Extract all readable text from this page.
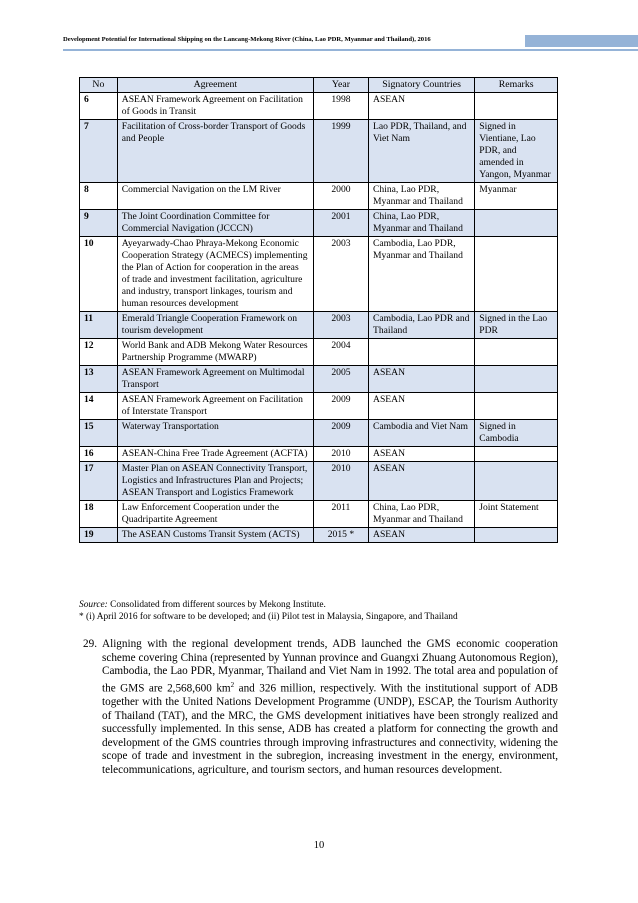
Development Potential for International Shipping on the Lancang-Mekong River (China, Lao PDR, Myanmar and Thailand), 2016
No	Agreement	Year	Signatory Countries	Remarks
6	ASEAN Framework Agreement on Facilitation of Goods in Transit	1998	ASEAN	
7	Facilitation of Cross-border Transport of Goods and People	1999	Lao PDR, Thailand, and Viet Nam	Signed in Vientiane, Lao PDR, and amended in Yangon, Myanmar
8	Commercial Navigation on the LM River	2000	China, Lao PDR, Myanmar and Thailand	Myanmar
9	The Joint Coordination Committee for Commercial Navigation (JCCCN)	2001	China, Lao PDR, Myanmar and Thailand	
10	Ayeyarwady-Chao Phraya-Mekong Economic Cooperation Strategy (ACMECS) implementing the Plan of Action for cooperation in the areas of trade and investment facilitation, agriculture and industry, transport linkages, tourism and human resources development	2003	Cambodia, Lao PDR, Myanmar and Thailand	
11	Emerald Triangle Cooperation Framework on tourism development	2003	Cambodia, Lao PDR and Thailand	Signed in the Lao PDR
12	World Bank and ADB Mekong Water Resources Partnership Programme (MWARP)	2004		
13	ASEAN Framework Agreement on Multimodal Transport	2005	ASEAN	
14	ASEAN Framework Agreement on Facilitation of Interstate Transport	2009	ASEAN	
15	Waterway Transportation	2009	Cambodia and Viet Nam	Signed in Cambodia
16	ASEAN-China Free Trade Agreement (ACFTA)	2010	ASEAN	
17	Master Plan on ASEAN Connectivity Transport, Logistics and Infrastructures Plan and Projects; ASEAN Transport and Logistics Framework	2010	ASEAN	
18	Law Enforcement Cooperation under the Quadripartite Agreement	2011	China, Lao PDR, Myanmar and Thailand	Joint Statement
19	The ASEAN Customs Transit System (ACTS)	2015 *	ASEAN	
Source: Consolidated from different sources by Mekong Institute.
* (i) April 2016 for software to be developed; and (ii) Pilot test in Malaysia, Singapore, and Thailand
29. Aligning with the regional development trends, ADB launched the GMS economic cooperation scheme covering China (represented by Yunnan province and Guangxi Zhuang Autonomous Region), Cambodia, the Lao PDR, Myanmar, Thailand and Viet Nam in 1992. The total area and population of the GMS are 2,568,600 $km^2$ and 326 million, respectively. With the institutional support of ADB together with the United Nations Development Programme (UNDP), ESCAP, the Tourism Authority of Thailand (TAT), and the MRC, the GMS development initiatives have been strongly realized and successfully implemented. In this sense, ADB has created a platform for connecting the growth and development of the GMS countries through improving infrastructures and connectivity, widening the scope of trade and investment in the subregion, increasing investment in the energy, environment, telecommunications, agriculture, and tourism sectors, and human resources development.
10
